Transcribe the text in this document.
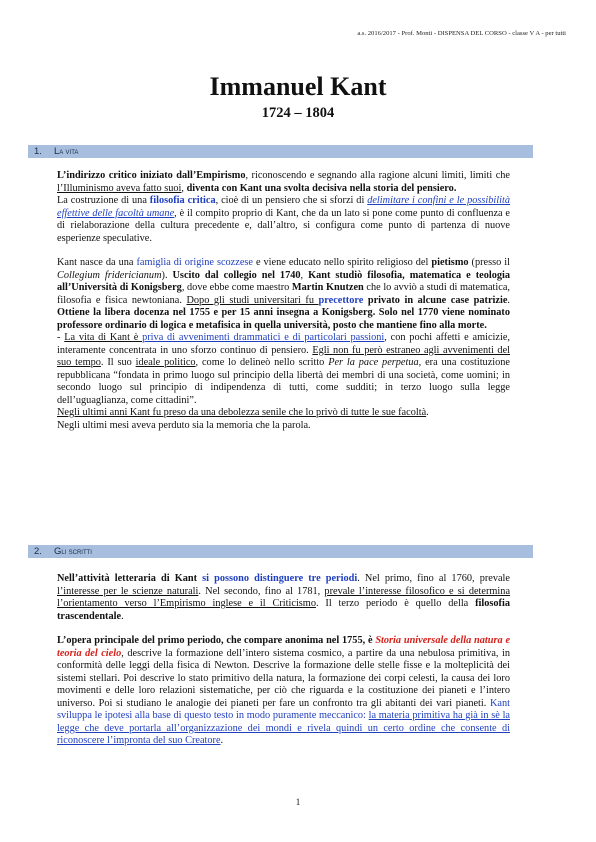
a.s. 2016/2017 - Prof. Monti - DISPENSA DEL CORSO - classe V A - per tutti
Immanuel Kant
1724 – 1804
1. La vita

L’indirizzo critico iniziato dall’Empirismo, riconoscendo e segnando alla ragione alcuni limiti, limiti che l’Illuminismo aveva fatto suoi, diventa con Kant una svolta decisiva nella storia del pensiero.

La costruzione di una filosofia critica, cioè di un pensiero che si sforzi di delimitare i confini e le possibilità effettive delle facoltà umane, è il compito proprio di Kant, che da un lato si pone come punto di confluenza e di rielaborazione della cultura precedente e, dall’altro, si configura come punto di partenza di nuove esperienze speculative.

Kant nasce da una famiglia di origine scozzese e viene educato nello spirito religioso del pietismo (presso il Collegium fridericianum). Uscito dal collegio nel 1740, Kant studiò filosofia, matematica e teologia all’Università di Konigsberg, dove ebbe come maestro Martin Knutzen che lo avviò a studi di matematica, filosofia e fisica newtoniana. Dopo gli studi universitari fu precettore privato in alcune case patrizie. Ottiene la libera docenza nel 1755 e per 15 anni insegna a Konigsberg. Solo nel 1770 viene nominato professore ordinario di logica e metafisica in quella università, posto che mantiene fino alla morte.

- La vita di Kant è priva di avvenimenti drammatici e di particolari passioni, con pochi affetti e amicizie, interamente concentrata in uno sforzo continuo di pensiero. Egli non fu però estraneo agli avvenimenti del suo tempo. Il suo ideale politico, come lo delineò nello scritto Per la pace perpetua, era una costituzione repubblicana “fondata in primo luogo sul principio della libertà dei membri di una società, come uomini; in secondo luogo sul principio di indipendenza di tutti, come sudditi; in terzo luogo sulla legge dell’uguaglianza, come cittadini”.

Negli ultimi anni Kant fu preso da una debolezza senile che lo privò di tutte le sue facoltà.

Negli ultimi mesi aveva perduto sia la memoria che la parola.

2. Gli scritti

Nell’attività letteraria di Kant si possono distinguere tre periodi. Nel primo, fino al 1760, prevale l’interesse per le scienze naturali. Nel secondo, fino al 1781, prevale l’interesse filosofico e si determina l’orientamento verso l’Empirismo inglese e il Criticismo. Il terzo periodo è quello della filosofia trascendentale.

L’opera principale del primo periodo, che compare anonima nel 1755, è Storia universale della natura e teoria del cielo, descrive la formazione dell’intero sistema cosmico, a partire da una nebulosa primitiva, in conformità delle leggi della fisica di Newton. Descrive la formazione delle stelle fisse e la molteplicità dei sistemi stellari. Poi descrive lo stato primitivo della natura, la formazione dei corpi celesti, la causa dei loro movimenti e delle loro relazioni sistematiche, per ciò che riguarda e la costituzione dei pianeti e l’intero universo. Poi si studiano le analogie dei pianeti per fare un confronto tra gli abitanti dei vari pianeti. Kant sviluppa le ipotesi alla base di questo testo in modo puramente meccanico: la materia primitiva ha già in sè la legge che deve portarla all’organizzazione dei mondi e rivela quindi un certo ordine che consente di riconoscere l’impronta del suo Creatore.

1
